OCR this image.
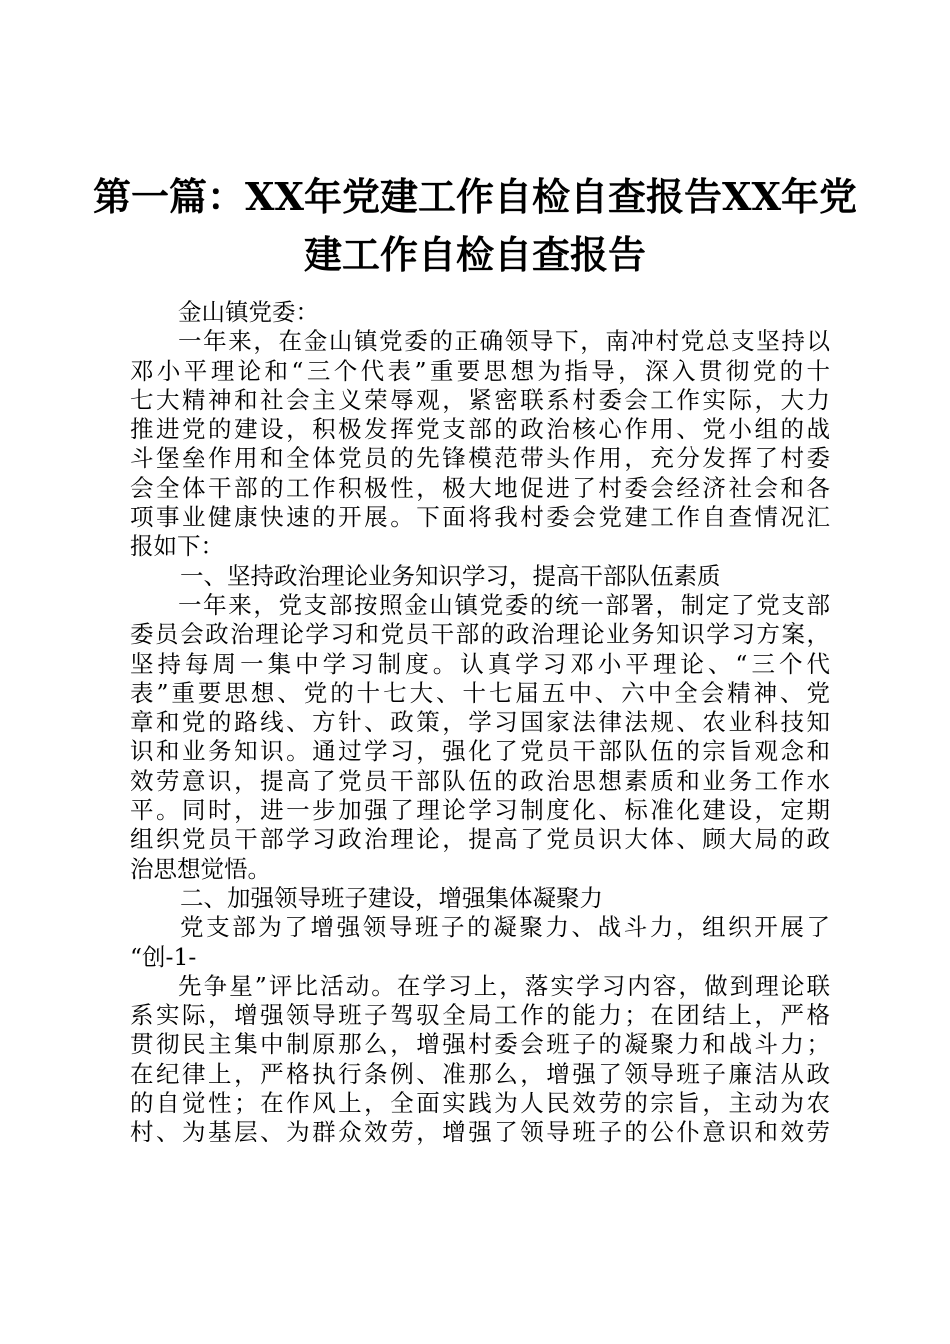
第一篇：XX年党建工作自检自查报告XX年党
建工作自检自查报告
金山镇党委：
一年来，在金山镇党委的正确领导下，南冲村党总支坚持以
邓小平理论和“三个代表”重要思想为指导，深入贯彻党的十
七大精神和社会主义荣辱观，紧密联系村委会工作实际，大力
推进党的建设，积极发挥党支部的政治核心作用、党小组的战
斗堡垒作用和全体党员的先锋模范带头作用，充分发挥了村委
会全体干部的工作积极性，极大地促进了村委会经济社会和各
项事业健康快速的开展。下面将我村委会党建工作自查情况汇
报如下：
一、坚持政治理论业务知识学习，提高干部队伍素质
一年来，党支部按照金山镇党委的统一部署，制定了党支部
委员会政治理论学习和党员干部的政治理论业务知识学习方案，
坚持每周一集中学习制度。认真学习邓小平理论、“三个代
表”重要思想、党的十七大、十七届五中、六中全会精神、党
章和党的路线、方针、政策，学习国家法律法规、农业科技知
识和业务知识。通过学习，强化了党员干部队伍的宗旨观念和
效劳意识，提高了党员干部队伍的政治思想素质和业务工作水
平。同时，进一步加强了理论学习制度化、标准化建设，定期
组织党员干部学习政治理论，提高了党员识大体、顾大局的政
治思想觉悟。
二、加强领导班子建设，增强集体凝聚力
党支部为了增强领导班子的凝聚力、战斗力，组织开展了
“创-1-
先争星”评比活动。在学习上，落实学习内容，做到理论联
系实际，增强领导班子驾驭全局工作的能力；在团结上，严格
贯彻民主集中制原那么，增强村委会班子的凝聚力和战斗力；
在纪律上，严格执行条例、准那么，增强了领导班子廉洁从政
的自觉性；在作风上，全面实践为人民效劳的宗旨，主动为农
村、为基层、为群众效劳，增强了领导班子的公仆意识和效劳
